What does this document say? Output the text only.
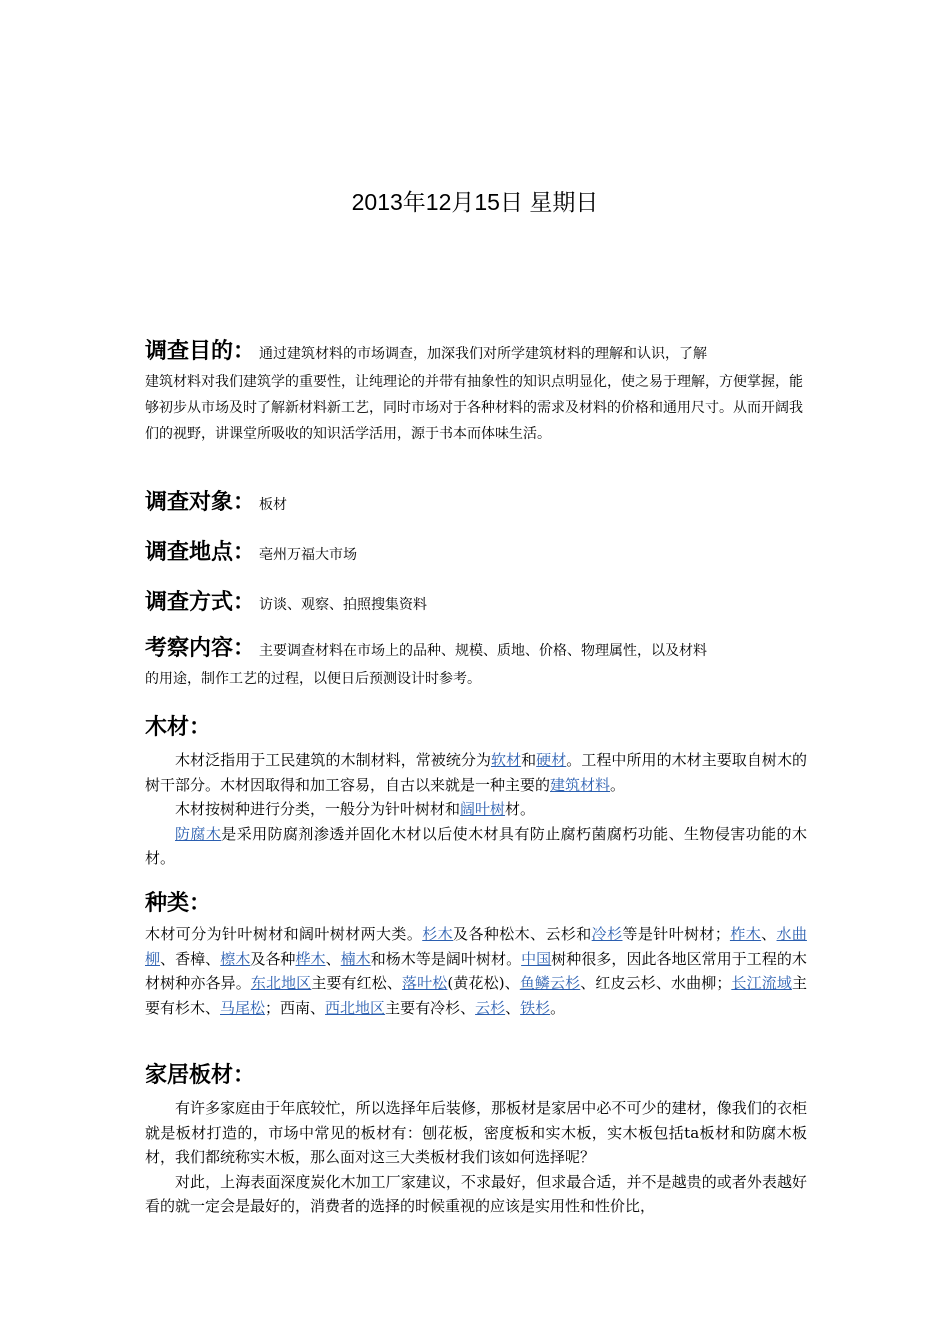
2013年12月15日 星期日
调查目的： 通过建筑材料的市场调查，加深我们对所学建筑材料的理解和认识，了解
建筑材料对我们建筑学的重要性，让纯理论的并带有抽象性的知识点明显化，使之易于理解，方便掌握，能够初步从市场及时了解新材料新工艺，同时市场对于各种材料的需求及材料的价格和通用尺寸。从而开阔我们的视野，讲课堂所吸收的知识活学活用，源于书本而体味生活。
调查对象： 板材
调查地点： 亳州万福大市场
调查方式： 访谈、观察、拍照搜集资料
考察内容： 主要调查材料在市场上的品种、规模、质地、价格、物理属性，以及材料
的用途，制作工艺的过程，以便日后预测设计时参考。
木材：

木材泛指用于工民建筑的木制材料，常被统分为软材和硬材。工程中所用的木材主要取自树木的树干部分。木材因取得和加工容易，自古以来就是一种主要的建筑材料。

木材按树种进行分类，一般分为针叶树材和阔叶树材。

防腐木是采用防腐剂渗透并固化木材以后使木材具有防止腐朽菌腐朽功能、生物侵害功能的木材。

种类：

木材可分为针叶树材和阔叶树材两大类。杉木及各种松木、云杉和冷杉等是针叶树材；柞木、水曲柳、香樟、檫木及各种桦木、楠木和杨木等是阔叶树材。中国树种很多，因此各地区常用于工程的木材树种亦各异。东北地区主要有红松、落叶松(黄花松)、鱼鳞云杉、红皮云杉、水曲柳；长江流域主要有杉木、马尾松；西南、西北地区主要有冷杉、云杉、铁杉。

家居板材：

有许多家庭由于年底较忙，所以选择年后装修，那板材是家居中必不可少的建材，像我们的衣柜就是板材打造的，市场中常见的板材有：刨花板，密度板和实木板，实木板包括ta板材和防腐木板材，我们都统称实木板，那么面对这三大类板材我们该如何选择呢？

对此，上海表面深度炭化木加工厂家建议，不求最好，但求最合适，并不是越贵的或者外表越好看的就一定会是最好的，消费者的选择的时候重视的应该是实用性和性价比，
